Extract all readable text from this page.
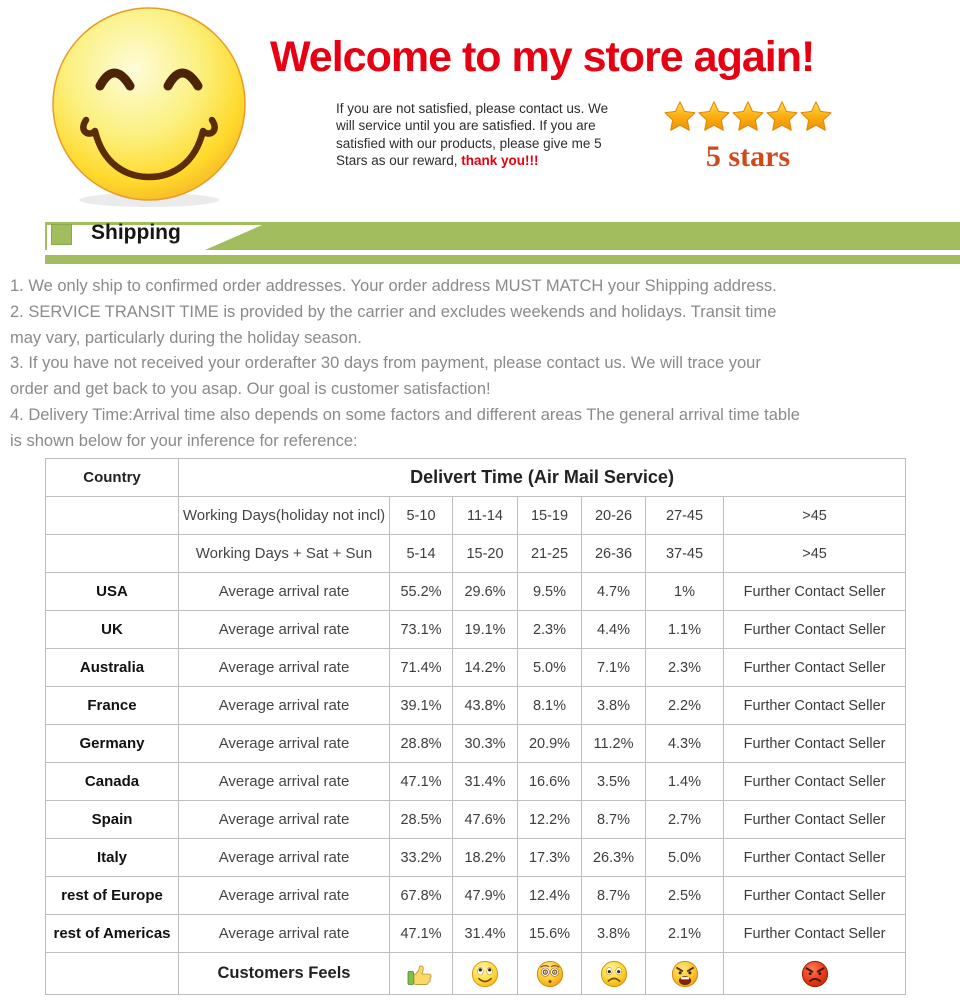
Welcome to my store again!
If you are not satisfied, please contact us. We
will service until you are satisfied. If you are
satisfied with our products, please give me 5
Stars as our reward, thank you!!!	5 stars
Shipping
1. We only ship to confirmed order addresses. Your order address MUST MATCH your Shipping address.
2. SERVICE TRANSIT TIME is provided by the carrier and excludes weekends and holidays. Transit time
may vary, particularly during the holiday season.
3. If you have not received your orderafter 30 days from payment, please contact us. We will trace your
order and get back to you asap. Our goal is customer satisfaction!
4. Delivery Time:Arrival time also depends on some factors and different areas The general arrival time table
is shown below for your inference for reference:
Country	Delivert Time (Air Mail Service)						
	Working Days(holiday not incl)	5-10	11-14	15-19	20-26	27-45	>45
	Working Days + Sat + Sun	5-14	15-20	21-25	26-36	37-45	>45
USA	Average arrival rate	55.2%	29.6%	9.5%	4.7%	1%	Further Contact Seller
UK	Average arrival rate	73.1%	19.1%	2.3%	4.4%	1.1%	Further Contact Seller
Australia	Average arrival rate	71.4%	14.2%	5.0%	7.1%	2.3%	Further Contact Seller
France	Average arrival rate	39.1%	43.8%	8.1%	3.8%	2.2%	Further Contact Seller
Germany	Average arrival rate	28.8%	30.3%	20.9%	11.2%	4.3%	Further Contact Seller
Canada	Average arrival rate	47.1%	31.4%	16.6%	3.5%	1.4%	Further Contact Seller
Spain	Average arrival rate	28.5%	47.6%	12.2%	8.7%	2.7%	Further Contact Seller
Italy	Average arrival rate	33.2%	18.2%	17.3%	26.3%	5.0%	Further Contact Seller
rest of Europe	Average arrival rate	67.8%	47.9%	12.4%	8.7%	2.5%	Further Contact Seller
rest of Americas	Average arrival rate	47.1%	31.4%	15.6%	3.8%	2.1%	Further Contact Seller
	Customers Feels	
